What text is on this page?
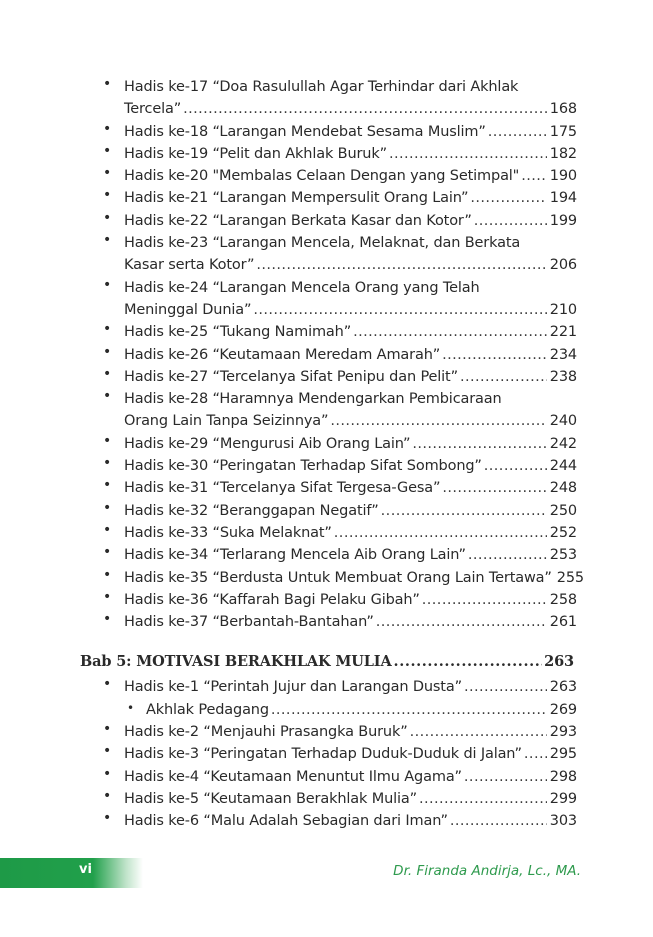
• Hadis ke-17 “Doa Rasulullah Agar Terhindar dari Akhlak
Tercela” .....	168
• Hadis ke-18 “Larangan Mendebat Sesama Muslim” .....	175
• Hadis ke-19 “Pelit dan Akhlak Buruk” .....	182
• Hadis ke-20 "Membalas Celaan Dengan yang Setimpal" ..... 190
• Hadis ke-21 “Larangan Mempersulit Orang Lain” .....	194
• Hadis ke-22 “Larangan Berkata Kasar dan Kotor” .....	199
• Hadis ke-23 “Larangan Mencela, Melaknat, dan Berkata
Kasar serta Kotor” .....	206
• Hadis ke-24 “Larangan Mencela Orang yang Telah
Meninggal Dunia” .....	210
• Hadis ke-25 “Tukang Namimah” .....	221
• Hadis ke-26 “Keutamaan Meredam Amarah” .....	234
• Hadis ke-27 “Tercelanya Sifat Penipu dan Pelit” .....	238
• Hadis ke-28 “Haramnya Mendengarkan Pembicaraan
Orang Lain Tanpa Seizinnya” .....	240
• Hadis ke-29 “Mengurusi Aib Orang Lain” .....	242
• Hadis ke-30 “Peringatan Terhadap Sifat Sombong” .....	244
• Hadis ke-31 “Tercelanya Sifat Tergesa-Gesa” .....	248
• Hadis ke-32 “Beranggapan Negatif” .....	250
• Hadis ke-33 “Suka Melaknat” .....	252
• Hadis ke-34 “Terlarang Mencela Aib Orang Lain” .....	253
• Hadis ke-35 “Berdusta Untuk Membuat Orang Lain Tertawa” 255
• Hadis ke-36 “Kaffarah Bagi Pelaku Gibah” .....	258
• Hadis ke-37 “Berbantah-Bantahan” .....	261
Bab 5: MOTIVASI BERAKHLAK MULIA .....	263
• Hadis ke-1 “Perintah Jujur dan Larangan Dusta” .....	263
• Akhlak Pedagang .....	269
• Hadis ke-2 “Menjauhi Prasangka Buruk” .....	293
• Hadis ke-3 “Peringatan Terhadap Duduk-Duduk di Jalan” ..... 295
• Hadis ke-4 “Keutamaan Menuntut Ilmu Agama” .....	298
• Hadis ke-5 “Keutamaan Berakhlak Mulia” .....	299
• Hadis ke-6 “Malu Adalah Sebagian dari Iman” .....	303
vi	Dr. Firanda Andirja, Lc., MA.
